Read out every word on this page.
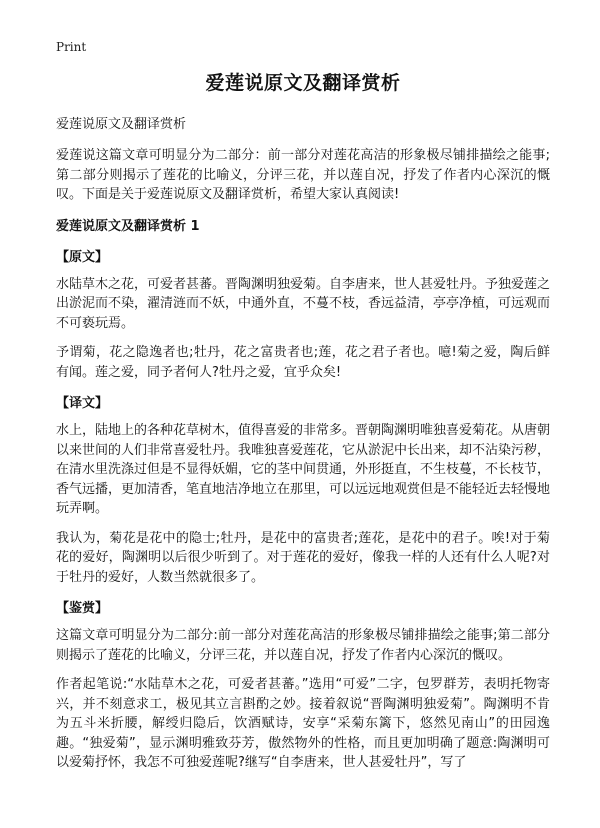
Print
爱莲说原文及翻译赏析
爱莲说原文及翻译赏析

爱莲说这篇文章可明显分为二部分：前一部分对莲花高洁的形象极尽铺排描绘之能事;第二部分则揭示了莲花的比喻义，分评三花，并以莲自况，抒发了作者内心深沉的慨叹。下面是关于爱莲说原文及翻译赏析，希望大家认真阅读!

爱莲说原文及翻译赏析 1
【原文】

水陆草木之花，可爱者甚蕃。晋陶渊明独爱菊。自李唐来，世人甚爱牡丹。予独爱莲之出淤泥而不染，濯清涟而不妖，中通外直，不蔓不枝，香远益清，亭亭净植，可远观而不可亵玩焉。

予谓菊，花之隐逸者也;牡丹，花之富贵者也;莲，花之君子者也。噫!菊之爱，陶后鲜有闻。莲之爱，同予者何人?牡丹之爱，宜乎众矣!

【译文】

水上，陆地上的各种花草树木，值得喜爱的非常多。晋朝陶渊明唯独喜爱菊花。从唐朝以来世间的人们非常喜爱牡丹。我唯独喜爱莲花，它从淤泥中长出来，却不沾染污秽，在清水里洗涤过但是不显得妖媚，它的茎中间贯通，外形挺直，不生枝蔓，不长枝节，香气远播，更加清香，笔直地洁净地立在那里，可以远远地观赏但是不能轻近去轻慢地玩弄啊。

我认为，菊花是花中的隐士;牡丹，是花中的富贵者;莲花，是花中的君子。唉!对于菊花的爱好，陶渊明以后很少听到了。对于莲花的爱好，像我一样的人还有什么人呢?对于牡丹的爱好，人数当然就很多了。

【鉴赏】

这篇文章可明显分为二部分:前一部分对莲花高洁的形象极尽铺排描绘之能事;第二部分则揭示了莲花的比喻义，分评三花，并以莲自况，抒发了作者内心深沉的慨叹。

作者起笔说:“水陆草木之花，可爱者甚蕃。”选用“可爱”二字，包罗群芳，表明托物寄兴，并不刻意求工，极见其立言斟酌之妙。接着叙说“晋陶渊明独爱菊”。陶渊明不肯为五斗米折腰，解绶归隐后，饮酒赋诗，安享“采菊东篱下，悠然见南山”的田园逸趣。“独爱菊”，显示渊明雅致芬芳，傲然物外的性格，而且更加明确了题意:陶渊明可以爱菊抒怀，我怎不可独爱莲呢?继写“自李唐来，世人甚爱牡丹”，写了
